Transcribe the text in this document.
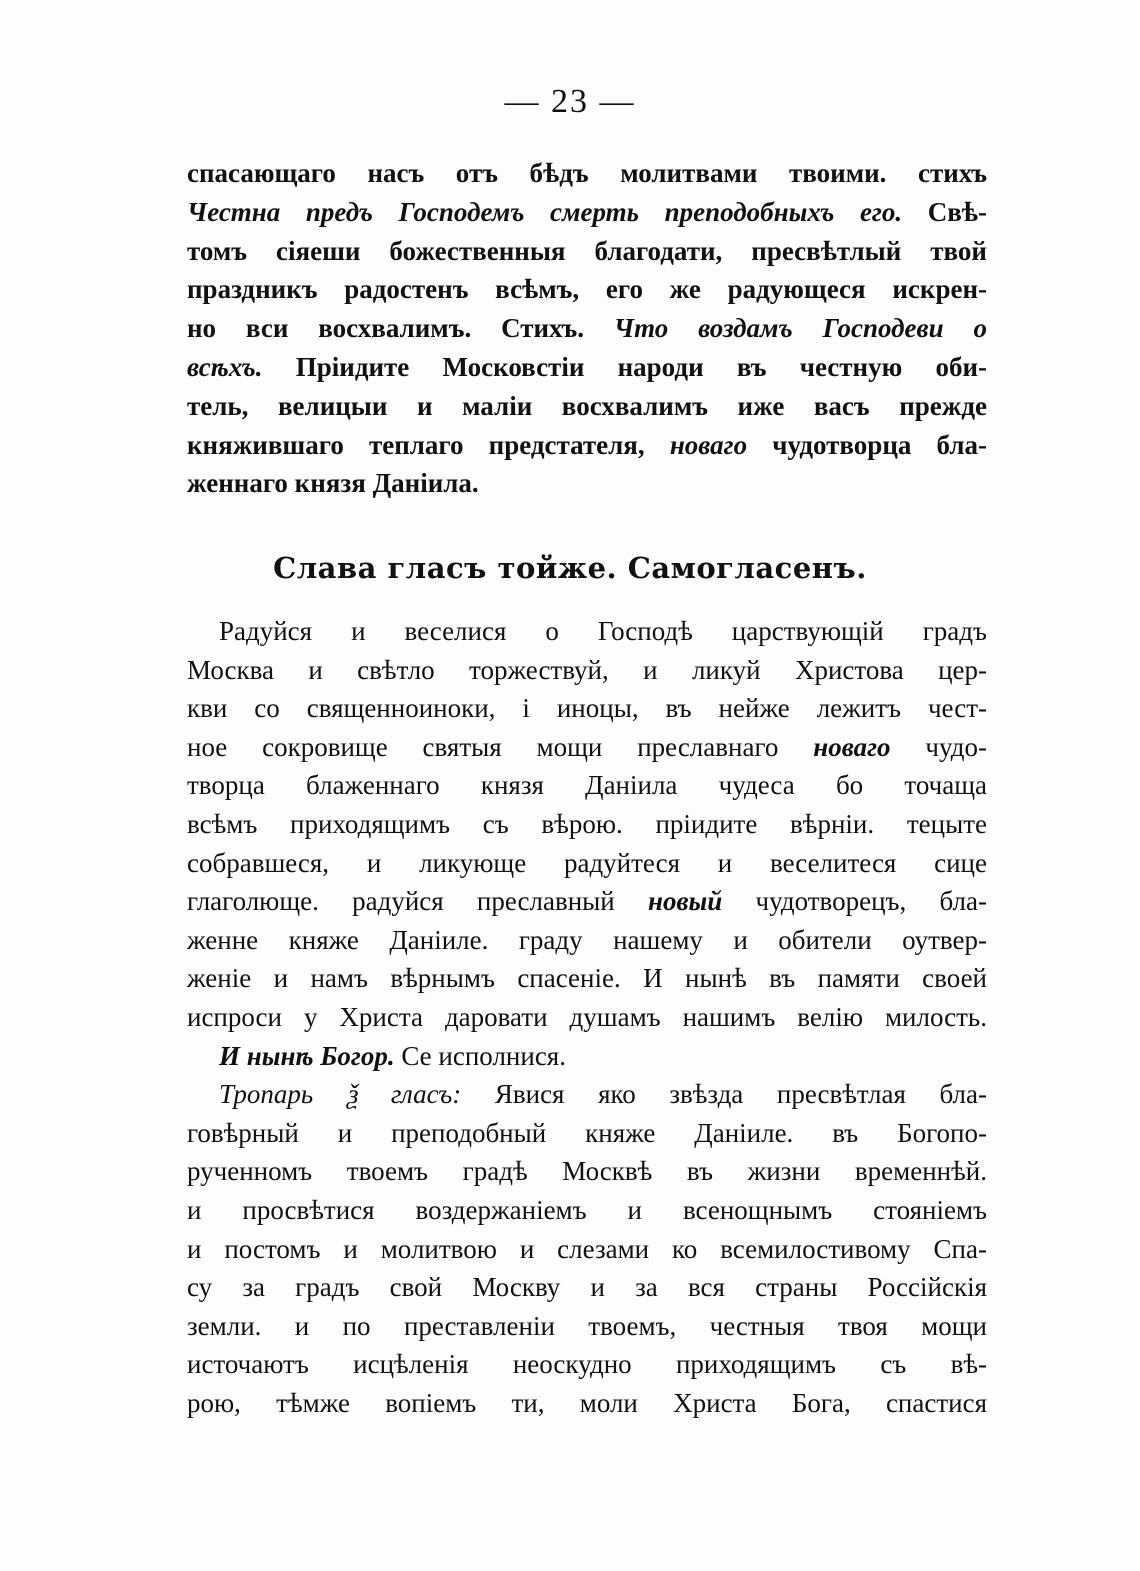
— 23 —
спасающаго насъ отъ бѣдъ молитвами твоими. стихъ
Честна предъ Господемъ смерть преподобныхъ его. Свѣ-
томъ сіяеши божественныя благодати, пресвѣтлый твой
праздникъ радостенъ всѣмъ, его же радующеся искрен-
но вси восхвалимъ. Стихъ. Что воздамъ Господеви о
всѣхъ. Пріидите Московстіи народи въ честную оби-
тель, велицыи и малiи восхвалимъ иже васъ прежде
княжившаго теплаго предстателя, новаго чудотворца бла-
женнаго князя Даніила.
Слава гласъ тойже. Самогласенъ.
Радуйся и веселися о Господѣ царствующій градъ
Москва и свѣтло торжествуй, и ликуй Христова цер-
кви со священноиноки, і иноцы, въ нейже лежитъ чест-
ное сокровище святыя мощи преславнаго новаго чудо-
творца блаженнаго князя Даніила чудеса бо точаща
всѣмъ приходящимъ съ вѣрою. пріидите вѣрніи. тецыте
собравшеся, и ликующе радуйтеся и веселитеся сице
глаголюще. радуйся преславный новый чудотворецъ, бла-
женне княже Даніиле. граду нашему и обители оутвер-
женіе и намъ вѣрнымъ спасеніе. И нынѣ въ памяти своей
испроси у Христа даровати душамъ нашимъ велію милость.
И нынѣ Богор. Се исполнися.
Тропарь ѯ гласъ: Явися яко звѣзда пресвѣтлая бла-
говѣрный и преподобный княже Даніиле. въ Богопо-
рученномъ твоемъ градѣ Москвѣ въ жизни временнѣй.
и просвѣтися воздержаніемъ и всенощнымъ стояніемъ
и постомъ и молитвою и слезами ко всемилостивому Спа-
су за градъ свой Москву и за вся страны Россійскія
земли. и по преставленіи твоемъ, честныя твоя мощи
источаютъ исцѣленія неоскудно приходящимъ съ вѣ-
рою, тѣмже вопіемъ ти, моли Христа Бога, спастися
